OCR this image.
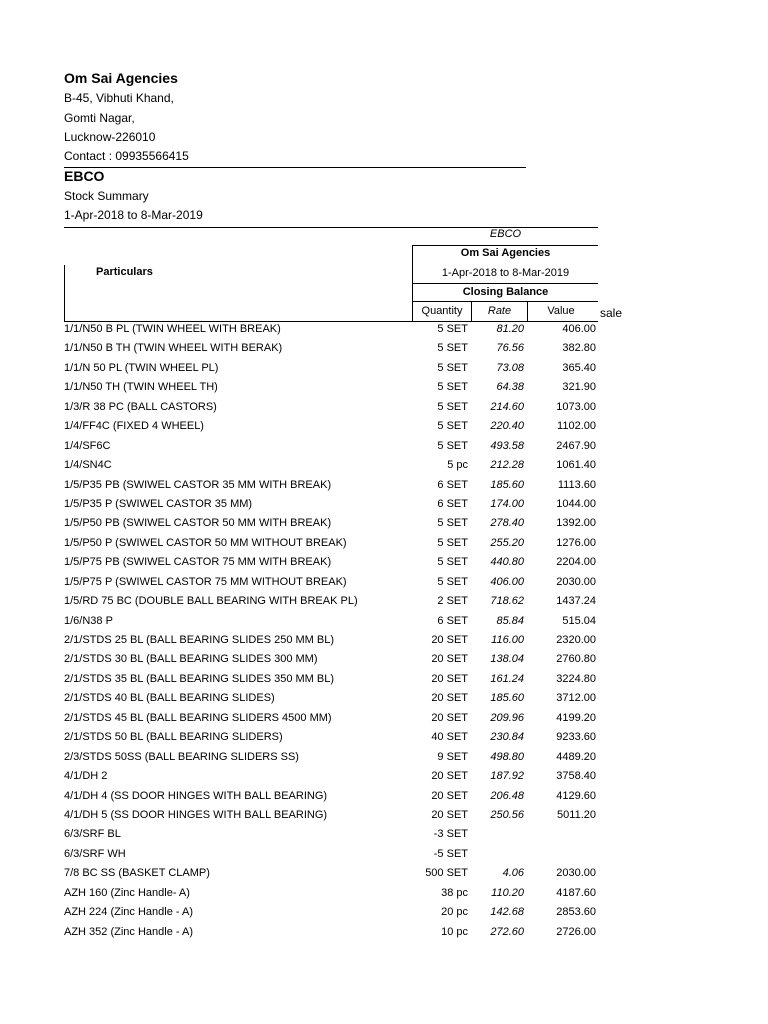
Om Sai Agencies
B-45, Vibhuti Khand,
Gomti Nagar,
Lucknow-226010
Contact : 09935566415
EBCO
Stock Summary
1-Apr-2018 to 8-Mar-2019
EBCO
Om Sai Agencies
1-Apr-2018 to 8-Mar-2019
Closing Balance
Quantity	Rate	Value	sale
Particulars
1/1/N50 B PL (TWIN WHEEL WITH BREAK)	5 SET	81.20	406.00
1/1/N50 B TH (TWIN WHEEL WITH BERAK)	5 SET	76.56	382.80
1/1/N 50 PL (TWIN WHEEL PL)	5 SET	73.08	365.40
1/1/N50 TH (TWIN WHEEL TH)	5 SET	64.38	321.90
1/3/R 38 PC (BALL CASTORS)	5 SET 214.60	1073.00
1/4/FF4C (FIXED 4 WHEEL)	5 SET 220.40	1102.00
1/4/SF6C	5 SET 493.58	2467.90
1/4/SN4C	5 pc 212.28	1061.40
1/5/P35 PB (SWIWEL CASTOR 35 MM WITH BREAK)	6 SET 185.60	1113.60
1/5/P35 P (SWIWEL CASTOR 35 MM)	6 SET 174.00	1044.00
1/5/P50 PB (SWIWEL CASTOR 50 MM WITH BREAK)	5 SET 278.40	1392.00
1/5/P50 P (SWIWEL CASTOR 50 MM WITHOUT BREAK)	5 SET 255.20	1276.00
1/5/P75 PB (SWIWEL CASTOR 75 MM WITH BREAK)	5 SET 440.80	2204.00
1/5/P75 P (SWIWEL CASTOR 75 MM WITHOUT BREAK)	5 SET 406.00	2030.00
1/5/RD 75 BC (DOUBLE BALL BEARING WITH BREAK PL)	2 SET 718.62	1437.24
1/6/N38 P	6 SET	85.84	515.04
2/1/STDS 25 BL (BALL BEARING SLIDES 250 MM BL)	20 SET 116.00	2320.00
2/1/STDS 30 BL (BALL BEARING SLIDES 300 MM)	20 SET 138.04	2760.80
2/1/STDS 35 BL (BALL BEARING SLIDES 350 MM BL)	20 SET 161.24	3224.80
2/1/STDS 40 BL (BALL BEARING SLIDES)	20 SET 185.60	3712.00
2/1/STDS 45 BL (BALL BEARING SLIDERS 4500 MM)	20 SET 209.96	4199.20
2/1/STDS 50 BL (BALL BEARING SLIDERS)	40 SET 230.84	9233.60
2/3/STDS 50SS (BALL BEARING SLIDERS SS)	9 SET 498.80	4489.20
4/1/DH 2	20 SET 187.92	3758.40
4/1/DH 4 (SS DOOR HINGES WITH BALL BEARING)	20 SET 206.48	4129.60
4/1/DH 5 (SS DOOR HINGES WITH BALL BEARING)	20 SET 250.56	5011.20
6/3/SRF BL	-3 SET
6/3/SRF WH	-5 SET
7/8 BC SS (BASKET CLAMP)	500 SET	4.06	2030.00
AZH 160 (Zinc Handle- A)	38 pc 110.20	4187.60
AZH 224 (Zinc Handle - A)	20 pc 142.68	2853.60
AZH 352 (Zinc Handle - A)	10 pc 272.60	2726.00
